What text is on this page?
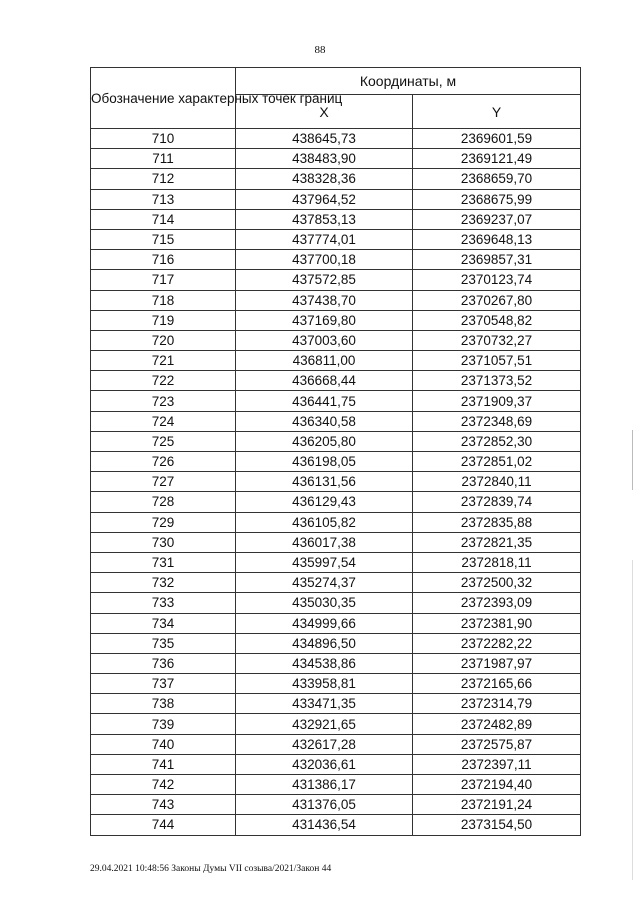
88
Обозначение характерных точек границ	Координаты, м	
	X	Y
710	438645,73	2369601,59
711	438483,90	2369121,49
712	438328,36	2368659,70
713	437964,52	2368675,99
714	437853,13	2369237,07
715	437774,01	2369648,13
716	437700,18	2369857,31
717	437572,85	2370123,74
718	437438,70	2370267,80
719	437169,80	2370548,82
720	437003,60	2370732,27
721	436811,00	2371057,51
722	436668,44	2371373,52
723	436441,75	2371909,37
724	436340,58	2372348,69
725	436205,80	2372852,30
726	436198,05	2372851,02
727	436131,56	2372840,11
728	436129,43	2372839,74
729	436105,82	2372835,88
730	436017,38	2372821,35
731	435997,54	2372818,11
732	435274,37	2372500,32
733	435030,35	2372393,09
734	434999,66	2372381,90
735	434896,50	2372282,22
736	434538,86	2371987,97
737	433958,81	2372165,66
738	433471,35	2372314,79
739	432921,65	2372482,89
740	432617,28	2372575,87
741	432036,61	2372397,11
742	431386,17	2372194,40
743	431376,05	2372191,24
744	431436,54	2373154,50
29.04.2021 10:48:56 Законы Думы VII созыва/2021/Закон 44
